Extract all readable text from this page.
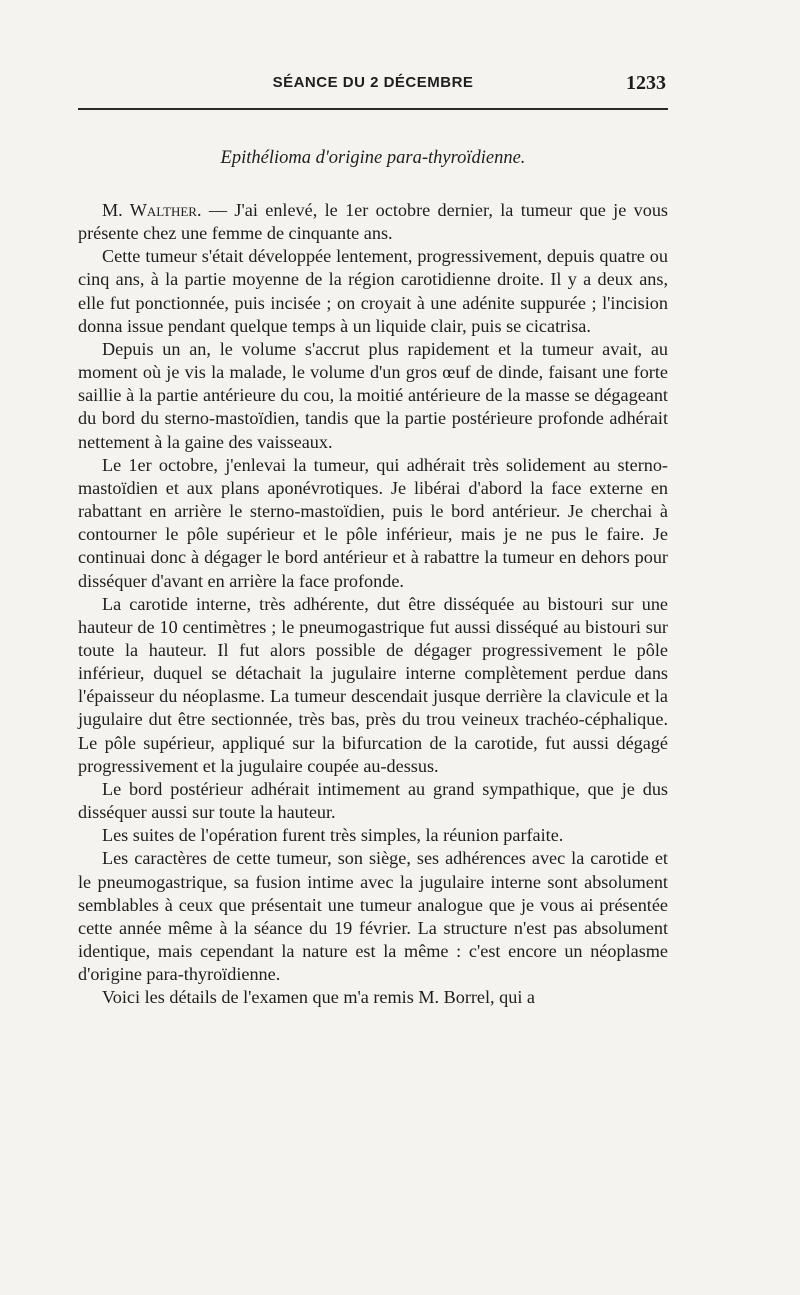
SÉANCE DU 2 DÉCEMBRE	1233
Epithélioma d'origine para-thyroïdienne.

M. Walther. — J'ai enlevé, le 1er octobre dernier, la tumeur que je vous présente chez une femme de cinquante ans.

Cette tumeur s'était développée lentement, progressivement, depuis quatre ou cinq ans, à la partie moyenne de la région carotidienne droite. Il y a deux ans, elle fut ponctionnée, puis incisée ; on croyait à une adénite suppurée ; l'incision donna issue pendant quelque temps à un liquide clair, puis se cicatrisa.

Depuis un an, le volume s'accrut plus rapidement et la tumeur avait, au moment où je vis la malade, le volume d'un gros œuf de dinde, faisant une forte saillie à la partie antérieure du cou, la moitié antérieure de la masse se dégageant du bord du sterno-mastoïdien, tandis que la partie postérieure profonde adhérait nettement à la gaine des vaisseaux.

Le 1er octobre, j'enlevai la tumeur, qui adhérait très solidement au sterno-mastoïdien et aux plans aponévrotiques. Je libérai d'abord la face externe en rabattant en arrière le sterno-mastoïdien, puis le bord antérieur. Je cherchai à contourner le pôle supérieur et le pôle inférieur, mais je ne pus le faire. Je continuai donc à dégager le bord antérieur et à rabattre la tumeur en dehors pour disséquer d'avant en arrière la face profonde.

La carotide interne, très adhérente, dut être disséquée au bistouri sur une hauteur de 10 centimètres ; le pneumogastrique fut aussi disséqué au bistouri sur toute la hauteur. Il fut alors possible de dégager progressivement le pôle inférieur, duquel se détachait la jugulaire interne complètement perdue dans l'épaisseur du néoplasme. La tumeur descendait jusque derrière la clavicule et la jugulaire dut être sectionnée, très bas, près du trou veineux trachéo-céphalique. Le pôle supérieur, appliqué sur la bifurcation de la carotide, fut aussi dégagé progressivement et la jugulaire coupée au-dessus.

Le bord postérieur adhérait intimement au grand sympathique, que je dus disséquer aussi sur toute la hauteur.

Les suites de l'opération furent très simples, la réunion parfaite.

Les caractères de cette tumeur, son siège, ses adhérences avec la carotide et le pneumogastrique, sa fusion intime avec la jugulaire interne sont absolument semblables à ceux que présentait une tumeur analogue que je vous ai présentée cette année même à la séance du 19 février. La structure n'est pas absolument identique, mais cependant la nature est la même : c'est encore un néoplasme d'origine para-thyroïdienne.

Voici les détails de l'examen que m'a remis M. Borrel, qui a
